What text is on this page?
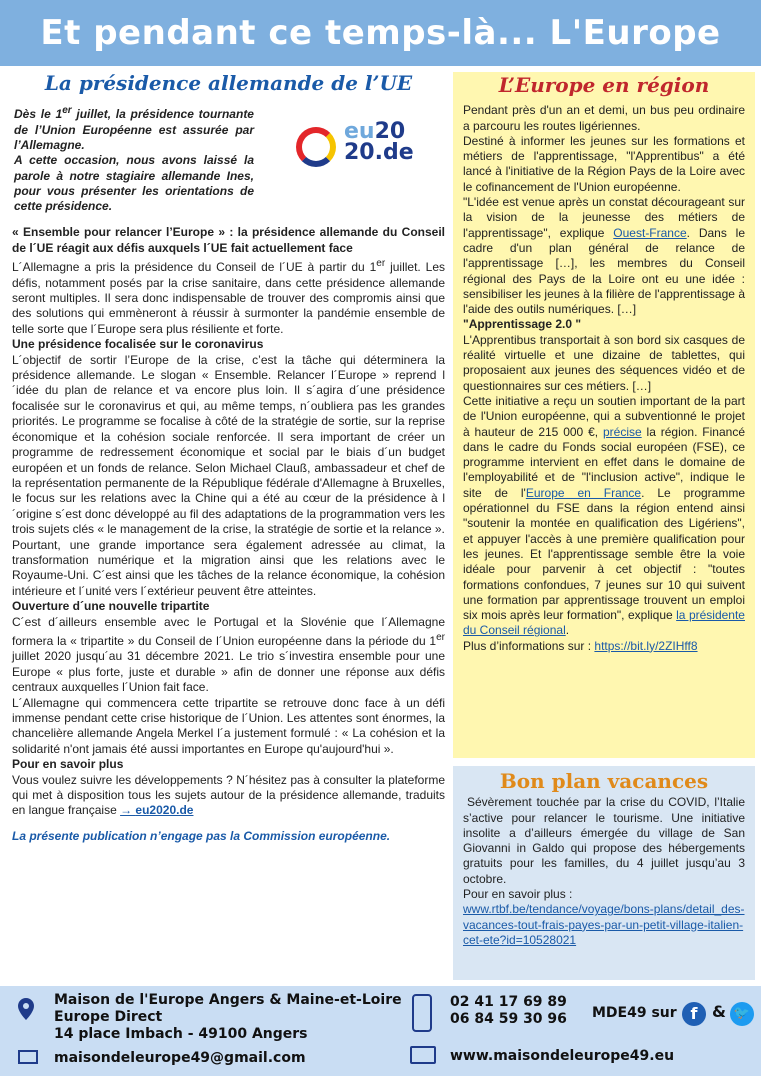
Et pendant ce temps-là... L'Europe
La présidence allemande de l’UE
Dès le 1er juillet, la présidence tournante de l’Union Européenne est assurée par l’Allemagne.
A cette occasion, nous avons laissé la parole à notre stagiaire allemande Ines, pour vous présenter les orientations de cette présidence.
eu20
20.de

« Ensemble pour relancer l’Europe » : la présidence allemande du Conseil de l´UE réagit aux défis auxquels l´UE fait actuellement face

L´Allemagne a pris la présidence du Conseil de l´UE à partir du 1er juillet. Les défis, notamment posés par la crise sanitaire, dans cette présidence allemande seront multiples. Il sera donc indispensable de trouver des compromis ainsi que des solutions qui emmèneront à réussir à surmonter la pandémie ensemble de telle sorte que l´Europe sera plus résiliente et forte.

Une présidence focalisée sur le coronavirus

L´objectif de sortir l’Europe de la crise, c’est la tâche qui déterminera la présidence allemande. Le slogan « Ensemble. Relancer l´Europe » reprend l´idée du plan de relance et va encore plus loin. Il s´agira d´une présidence focalisée sur le coronavirus et qui, au même temps, n´oubliera pas les grandes priorités. Le programme se focalise à côté de la stratégie de sortie, sur la reprise économique et la cohésion sociale renforcée. Il sera important de créer un programme de redressement économique et social par le biais d´un budget européen et un fonds de relance. Selon Michael Clauß, ambassadeur et chef de la représentation permanente de la République fédérale d'Allemagne à Bruxelles, le focus sur les relations avec la Chine qui a été au cœur de la présidence à l´origine s´est donc développé au fil des adaptations de la programmation vers les trois sujets clés « le management de la crise, la stratégie de sortie et la relance ».

Pourtant, une grande importance sera également adressée au climat, la transformation numérique et la migration ainsi que les relations avec le Royaume-Uni. C´est ainsi que les tâches de la relance économique, la cohésion intérieure et l´unité vers l´extérieur peuvent être atteintes.

Ouverture d´une nouvelle tripartite

C´est d´ailleurs ensemble avec le Portugal et la Slovénie que l´Allemagne formera la « tripartite » du Conseil de l´Union européenne dans la période du 1er juillet 2020 jusqu´au 31 décembre 2021. Le trio s´investira ensemble pour une Europe « plus forte, juste et durable » afin de donner une réponse aux défis centraux auxquelles l´Union fait face.

L´Allemagne qui commencera cette tripartite se retrouve donc face à un défi immense pendant cette crise historique de l´Union. Les attentes sont énormes, la chancelière allemande Angela Merkel l´a justement formulé : « La cohésion et la solidarité n'ont jamais été aussi importantes en Europe qu'aujourd'hui ».

Pour en savoir plus

Vous voulez suivre les développements ? N´hésitez pas à consulter la plateforme qui met à disposition tous les sujets autour de la présidence allemande, traduits en langue française → eu2020.de

La présente publication n’engage pas la Commission européenne.

L’Europe en région

Pendant près d'un an et demi, un bus peu ordinaire a parcouru les routes ligériennes.

Destiné à informer les jeunes sur les formations et métiers de l'apprentissage, "l'Apprentibus" a été lancé à l'initiative de la Région Pays de la Loire avec le cofinancement de l'Union européenne.

"L'idée est venue après un constat décourageant sur la vision de la jeunesse des métiers de l'apprentissage", explique Ouest-France. Dans le cadre d'un plan général de relance de l'apprentissage […], les membres du Conseil régional des Pays de la Loire ont eu une idée : sensibiliser les jeunes à la filière de l'apprentissage à l'aide des outils numériques. […]

"Apprentissage 2.0 "

L'Apprentibus transportait à son bord six casques de réalité virtuelle et une dizaine de tablettes, qui proposaient aux jeunes des séquences vidéo et de questionnaires sur ces métiers. […]

Cette initiative a reçu un soutien important de la part de l'Union européenne, qui a subventionné le projet à hauteur de 215 000 €, précise la région. Financé dans le cadre du Fonds social européen (FSE), ce programme intervient en effet dans le domaine de l'employabilité et de "l'inclusion active", indique le site de l'Europe en France. Le programme opérationnel du FSE dans la région entend ainsi "soutenir la montée en qualification des Ligériens", et appuyer l'accès à une première qualification pour les jeunes. Et l'apprentissage semble être la voie idéale pour parvenir à cet objectif : "toutes formations confondues, 7 jeunes sur 10 qui suivent une formation par apprentissage trouvent un emploi six mois après leur formation", explique la présidente du Conseil régional.

Plus d’informations sur : https://bit.ly/2ZIHff8

Bon plan vacances

Sévèrement touchée par la crise du COVID, l’Italie s’active pour relancer le tourisme. Une initiative insolite a d’ailleurs émergée du village de San Giovanni in Galdo qui propose des hébergements gratuits pour les familles, du 4 juillet jusqu’au 3 octobre.

Pour en savoir plus :

www.rtbf.be/tendance/voyage/bons-plans/detail_des-vacances-tout-frais-payes-par-un-petit-village-italien-cet-ete?id=10528021

Maison de l'Europe Angers & Maine-et-Loire
Europe Direct
14 place Imbach - 49100 Angers
maisondeleurope49@gmail.com
02 41 17 69 89
06 84 59 30 96
www.maisondeleurope49.eu
MDE49 sur f & 🐦
